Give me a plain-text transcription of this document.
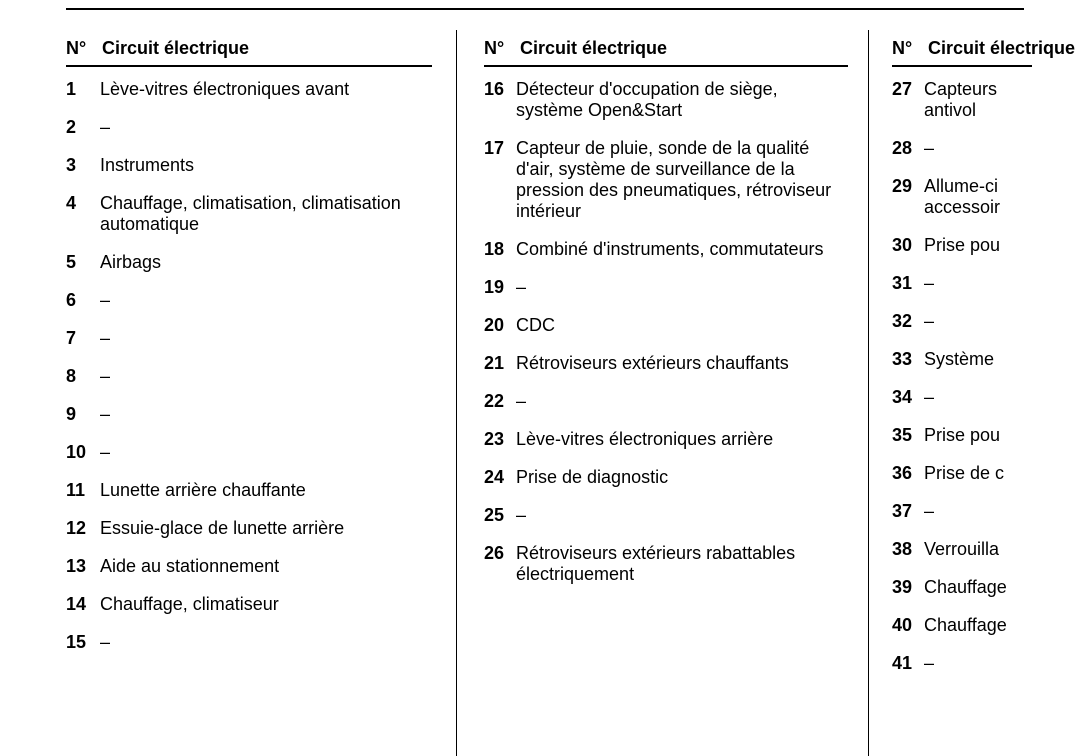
N° Circuit électrique
1	Lève-vitres électroniques avant
2	–
3	Instruments
4	Chauffage, climatisation, climatisation automatique
5	Airbags
6	–
7	–
8	–
9	–
10 –
11 Lunette arrière chauffante
12 Essuie-glace de lunette arrière
13 Aide au stationnement
14 Chauffage, climatiseur
15 –
N° Circuit électrique
16 Détecteur d'occupation de siège, système Open&Start
17 Capteur de pluie, sonde de la qualité d'air, système de surveillance de la pression des pneumatiques, rétroviseur intérieur
18 Combiné d'instruments, commutateurs
19 –
20 CDC
21 Rétroviseurs extérieurs chauffants
22 –
23 Lève-vitres électroniques arrière
24 Prise de diagnostic
25 –
26 Rétroviseurs extérieurs rabattables électriquement
N° Circuit électrique
27 Capteurs
antivol
28 –
29 Allume-ci
accessoir
30 Prise pou
31 –
32 –
33 Système
34 –
35 Prise pou
36 Prise de c
37 –
38 Verrouilla
39 Chauffage
40 Chauffage
41 –
